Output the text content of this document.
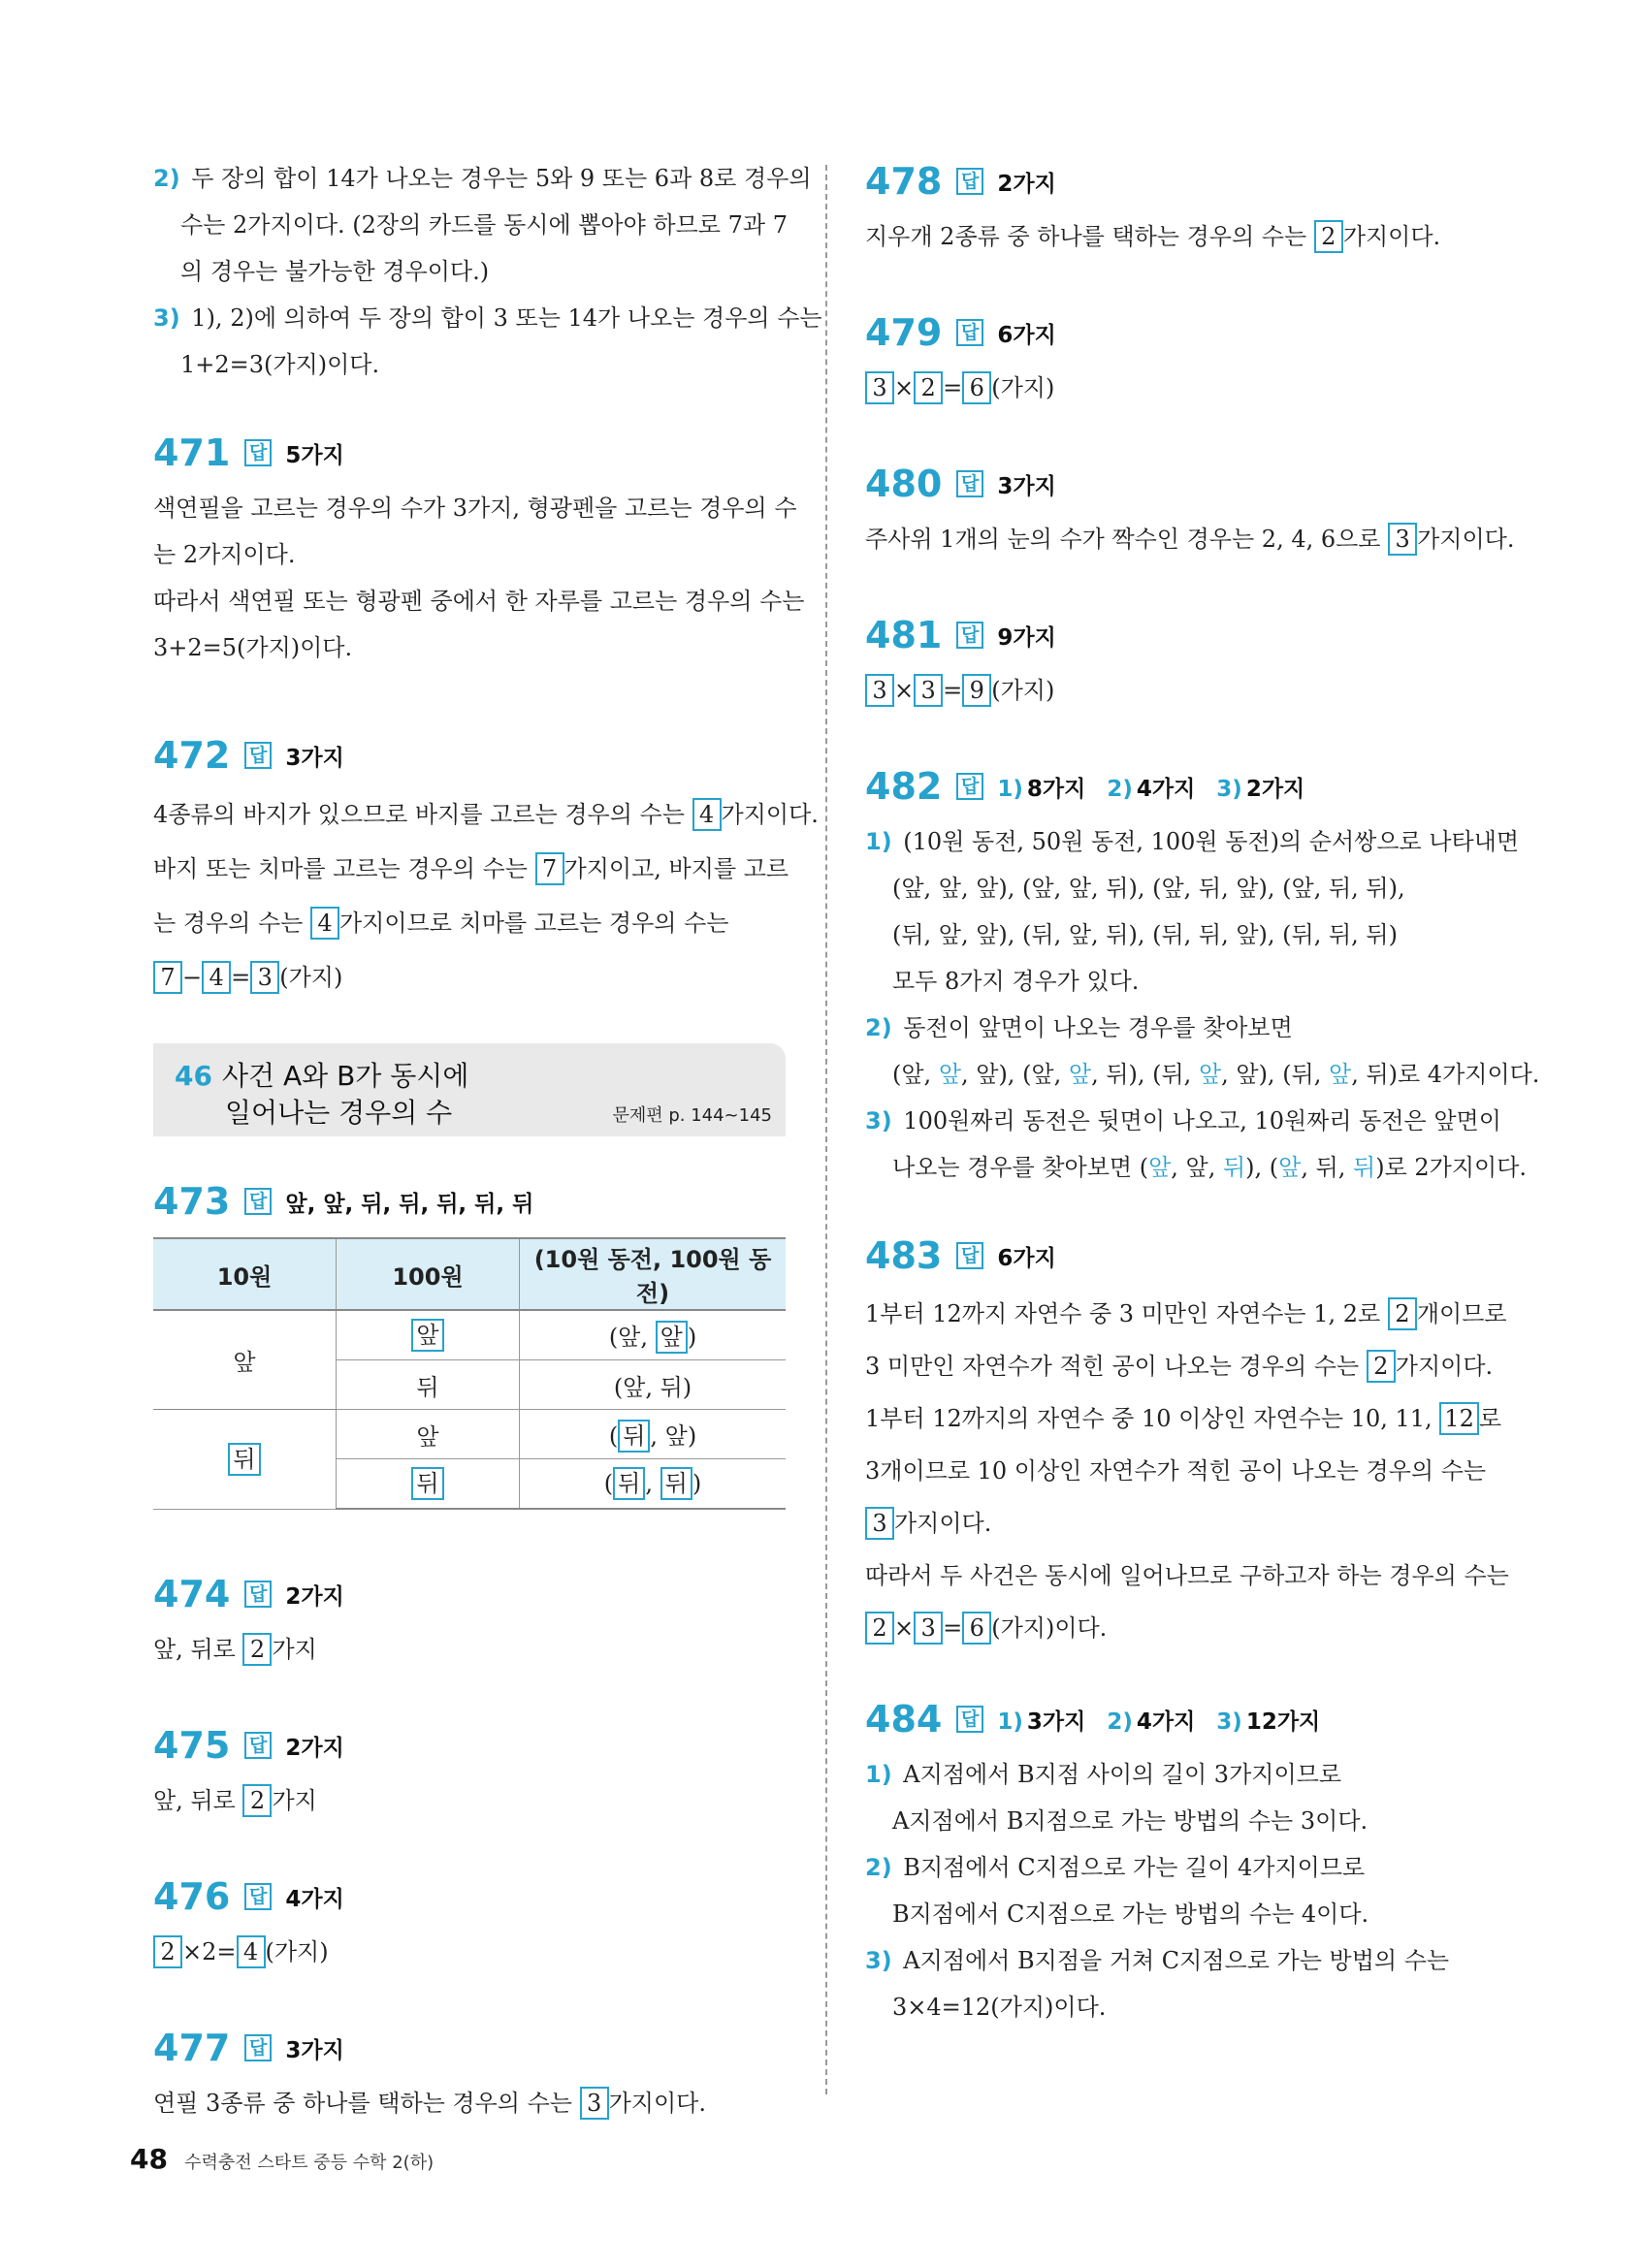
2) 두 장의 합이 14가 나오는 경우는 5와 9 또는 6과 8로 경우의
수는 2가지이다. (2장의 카드를 동시에 뽑아야 하므로 7과 7
의 경우는 불가능한 경우이다.)
3) 1), 2)에 의하여 두 장의 합이 3 또는 14가 나오는 경우의 수는
1+2=3(가지)이다.
471	답 5가지
색연필을 고르는 경우의 수가 3가지, 형광펜을 고르는 경우의 수
는 2가지이다.
따라서 색연필 또는 형광펜 중에서 한 자루를 고르는 경우의 수는
3+2=5(가지)이다.
472	답 3가지
4종류의 바지가 있으므로 바지를 고르는 경우의 수는 4 가지이다.
바지 또는 치마를 고르는 경우의 수는 7 가지이고, 바지를 고르
는 경우의 수는 4 가지이므로 치마를 고르는 경우의 수는
7 − 4 = 3 (가지)
46 사건 A와 B가 동시에
일어나는 경우의 수	문제편 p. 144~145
473	답 앞, 앞, 뒤, 뒤, 뒤, 뒤, 뒤
10원	100원	(10원 동전, 100원 동전)
앞	앞	(앞, 앞 )
	뒤	(앞, 뒤)
뒤	앞	( 뒤 , 앞)
	뒤	( 뒤 , 뒤 )
474	답 2가지
앞, 뒤로 2 가지
475	답 2가지
앞, 뒤로 2 가지
476	답 4가지
2 ×2= 4 (가지)
477	답 3가지
연필 3종류 중 하나를 택하는 경우의 수는 3 가지이다.
478	답 2가지
지우개 2종류 중 하나를 택하는 경우의 수는 2 가지이다.
479	답 6가지
3 × 2 = 6 (가지)
480	답 3가지
주사위 1개의 눈의 수가 짝수인 경우는 2, 4, 6으로 3 가지이다.
481	답 9가지
3 × 3 = 9 (가지)
482	답 1) 8가지 2) 4가지 3) 2가지
1) (10원 동전, 50원 동전, 100원 동전)의 순서쌍으로 나타내면
(앞, 앞, 앞), (앞, 앞, 뒤), (앞, 뒤, 앞), (앞, 뒤, 뒤),
(뒤, 앞, 앞), (뒤, 앞, 뒤), (뒤, 뒤, 앞), (뒤, 뒤, 뒤)
모두 8가지 경우가 있다.
2) 동전이 앞면이 나오는 경우를 찾아보면
(앞, 앞, 앞), (앞, 앞, 뒤), (뒤, 앞, 앞), (뒤, 앞, 뒤)로 4가지이다.
3) 100원짜리 동전은 뒷면이 나오고, 10원짜리 동전은 앞면이
나오는 경우를 찾아보면 (앞, 앞, 뒤), (앞, 뒤, 뒤)로 2가지이다.
483	답 6가지
1부터 12까지 자연수 중 3 미만인 자연수는 1, 2로 2 개이므로
3 미만인 자연수가 적힌 공이 나오는 경우의 수는 2 가지이다.
1부터 12까지의 자연수 중 10 이상인 자연수는 10, 11, 12 로
3개이므로 10 이상인 자연수가 적힌 공이 나오는 경우의 수는
3 가지이다.
따라서 두 사건은 동시에 일어나므로 구하고자 하는 경우의 수는
2 × 3 = 6 (가지)이다.
484	답 1) 3가지 2) 4가지 3) 12가지
1) A지점에서 B지점 사이의 길이 3가지이므로
A지점에서 B지점으로 가는 방법의 수는 3이다.
2) B지점에서 C지점으로 가는 길이 4가지이므로
B지점에서 C지점으로 가는 방법의 수는 4이다.
3) A지점에서 B지점을 거쳐 C지점으로 가는 방법의 수는
3×4=12(가지)이다.
48 수력충전 스타트 중등 수학 2(하)
